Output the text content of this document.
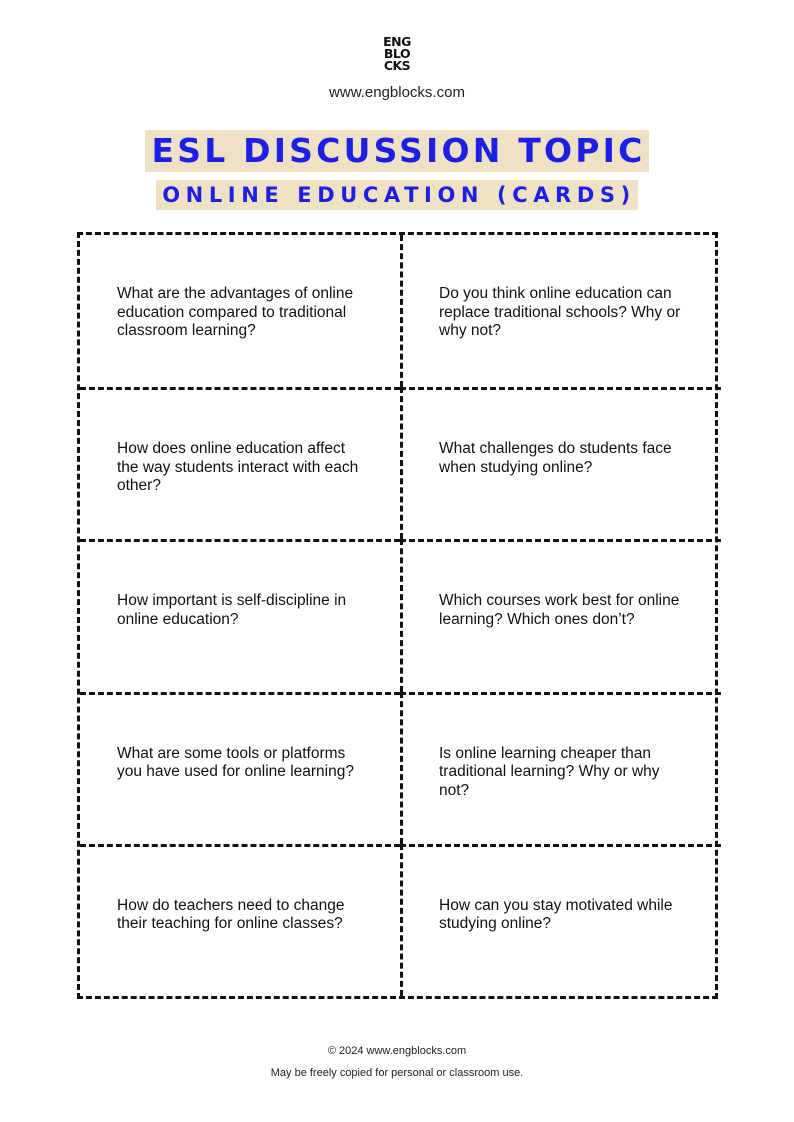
ENG
BLO
CKS
www.engblocks.com
ESL DISCUSSION TOPIC
ONLINE EDUCATION (CARDS)
What are the advantages of online education compared to traditional classroom learning?
Do you think online education can replace traditional schools? Why or why not?
How does online education affect the way students interact with each other?
What challenges do students face when studying online?
How important is self-discipline in online education?
Which courses work best for online learning? Which ones don’t?
What are some tools or platforms you have used for online learning?
Is online learning cheaper than traditional learning? Why or why not?
How do teachers need to change their teaching for online classes?
How can you stay motivated while studying online?
© 2024 www.engblocks.com
May be freely copied for personal or classroom use.
